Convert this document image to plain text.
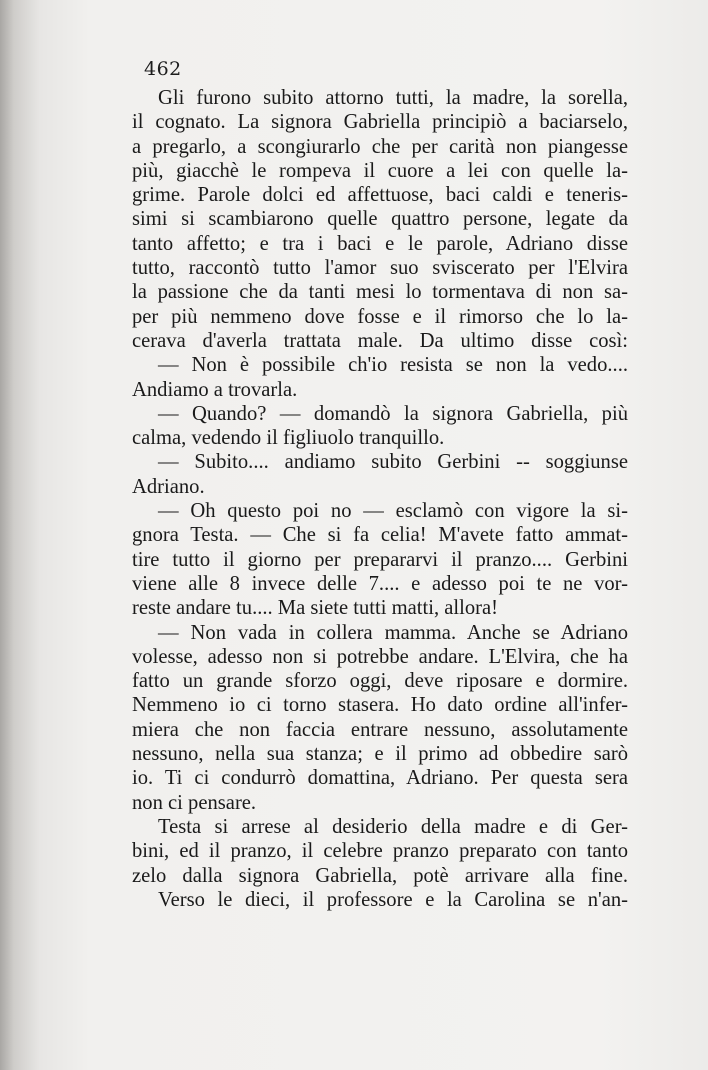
462
Gli furono subito attorno tutti, la madre, la sorella,
il cognato. La signora Gabriella principiò a baciarselo,
a pregarlo, a scongiurarlo che per carità non piangesse
più, giacchè le rompeva il cuore a lei con quelle la-
grime. Parole dolci ed affettuose, baci caldi e teneris-
simi si scambiarono quelle quattro persone, legate da
tanto affetto; e tra i baci e le parole, Adriano disse
tutto, raccontò tutto l'amor suo sviscerato per l'Elvira
la passione che da tanti mesi lo tormentava di non sa-
per più nemmeno dove fosse e il rimorso che lo la-
cerava d'averla trattata male. Da ultimo disse così:
— Non è possibile ch'io resista se non la vedo....
Andiamo a trovarla.
— Quando? — domandò la signora Gabriella, più
calma, vedendo il figliuolo tranquillo.
— Subito.... andiamo subito Gerbini -- soggiunse
Adriano.
— Oh questo poi no — esclamò con vigore la si-
gnora Testa. — Che si fa celia! M'avete fatto ammat-
tire tutto il giorno per prepararvi il pranzo.... Gerbini
viene alle 8 invece delle 7.... e adesso poi te ne vor-
reste andare tu.... Ma siete tutti matti, allora!
— Non vada in collera mamma. Anche se Adriano
volesse, adesso non si potrebbe andare. L'Elvira, che ha
fatto un grande sforzo oggi, deve riposare e dormire.
Nemmeno io ci torno stasera. Ho dato ordine all'infer-
miera che non faccia entrare nessuno, assolutamente
nessuno, nella sua stanza; e il primo ad obbedire sarò
io. Ti ci condurrò domattina, Adriano. Per questa sera
non ci pensare.
Testa si arrese al desiderio della madre e di Ger-
bini, ed il pranzo, il celebre pranzo preparato con tanto
zelo dalla signora Gabriella, potè arrivare alla fine.
Verso le dieci, il professore e la Carolina se n'an-
